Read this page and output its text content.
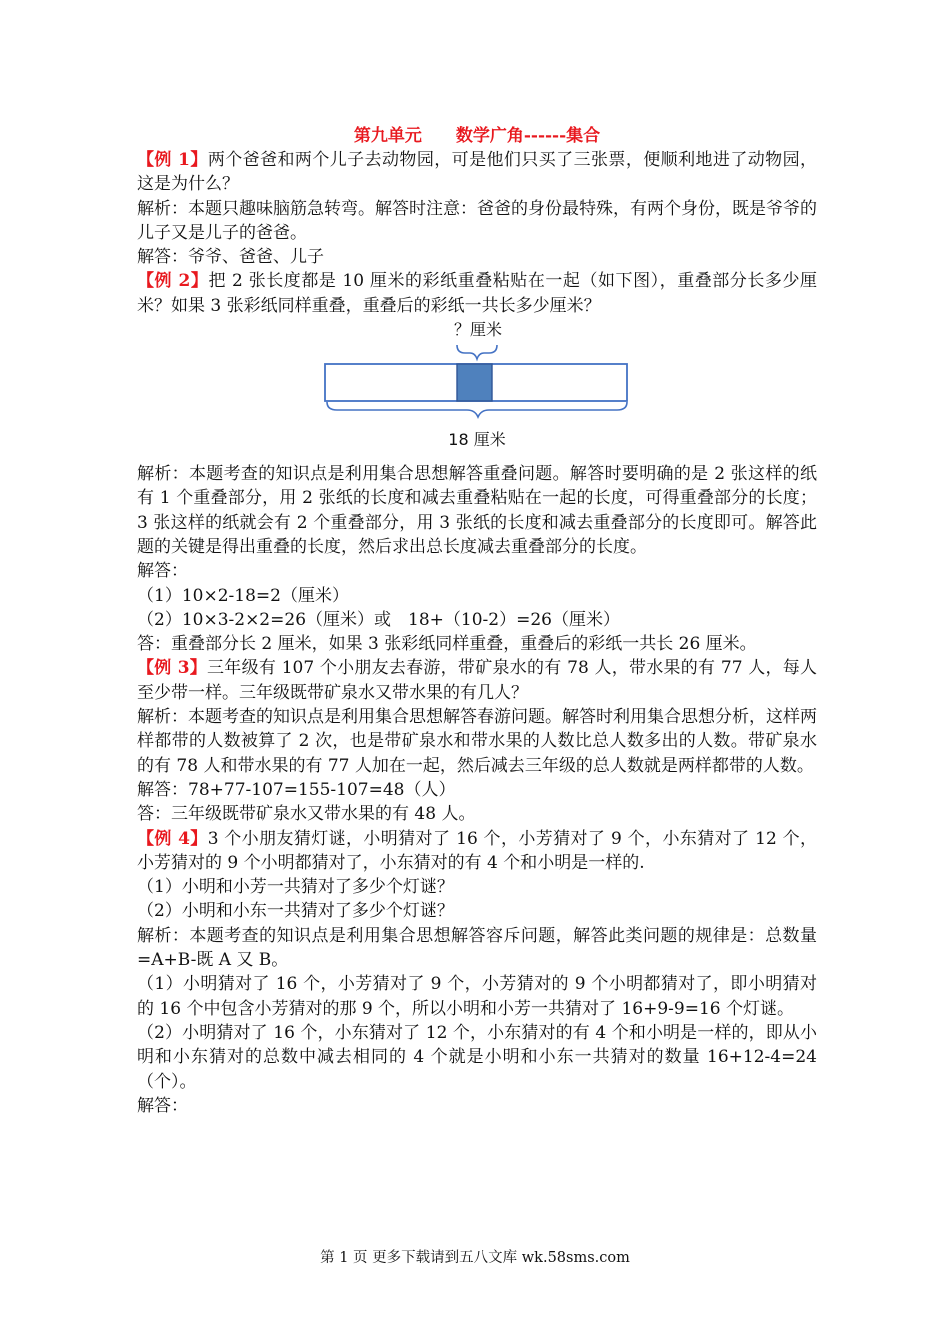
第九单元 数学广角------集合

【例 1】两个爸爸和两个儿子去动物园，可是他们只买了三张票，便顺利地进了动物园，这是为什么？

解析：本题只趣味脑筋急转弯。解答时注意：爸爸的身份最特殊，有两个身份，既是爷爷的儿子又是儿子的爸爸。

解答：爷爷、爸爸、儿子

【例 2】把 2 张长度都是 10 厘米的彩纸重叠粘贴在一起（如下图），重叠部分长多少厘米？如果 3 张彩纸同样重叠，重叠后的彩纸一共长多少厘米？

？厘米
18 厘米

解析：本题考查的知识点是利用集合思想解答重叠问题。解答时要明确的是 2 张这样的纸有 1 个重叠部分，用 2 张纸的长度和减去重叠粘贴在一起的长度，可得重叠部分的长度；3 张这样的纸就会有 2 个重叠部分，用 3 张纸的长度和减去重叠部分的长度即可。解答此题的关键是得出重叠的长度，然后求出总长度减去重叠部分的长度。

解答：

（1）10×2-18=2（厘米）

（2）10×3-2×2=26（厘米）或　18+（10-2）=26（厘米）

答：重叠部分长 2 厘米，如果 3 张彩纸同样重叠，重叠后的彩纸一共长 26 厘米。

【例 3】三年级有 107 个小朋友去春游，带矿泉水的有 78 人，带水果的有 77 人，每人至少带一样。三年级既带矿泉水又带水果的有几人？

解析：本题考查的知识点是利用集合思想解答春游问题。解答时利用集合思想分析，这样两样都带的人数被算了 2 次，也是带矿泉水和带水果的人数比总人数多出的人数。带矿泉水的有 78 人和带水果的有 77 人加在一起，然后减去三年级的总人数就是两样都带的人数。

解答：78+77-107=155-107=48（人）

答：三年级既带矿泉水又带水果的有 48 人。

【例 4】3 个小朋友猜灯谜，小明猜对了 16 个，小芳猜对了 9 个，小东猜对了 12 个，小芳猜对的 9 个小明都猜对了，小东猜对的有 4 个和小明是一样的.

（1）小明和小芳一共猜对了多少个灯谜？

（2）小明和小东一共猜对了多少个灯谜？

解析：本题考查的知识点是利用集合思想解答容斥问题，解答此类问题的规律是：总数量=A+B-既 A 又 B。

（1）小明猜对了 16 个，小芳猜对了 9 个，小芳猜对的 9 个小明都猜对了，即小明猜对的 16 个中包含小芳猜对的那 9 个，所以小明和小芳一共猜对了 16+9-9=16 个灯谜。

（2）小明猜对了 16 个，小东猜对了 12 个，小东猜对的有 4 个和小明是一样的，即从小明和小东猜对的总数中减去相同的 4 个就是小明和小东一共猜对的数量 16+12-4=24（个）。

解答：

第 1 页 更多下载请到五八文库 wk.58sms.com
